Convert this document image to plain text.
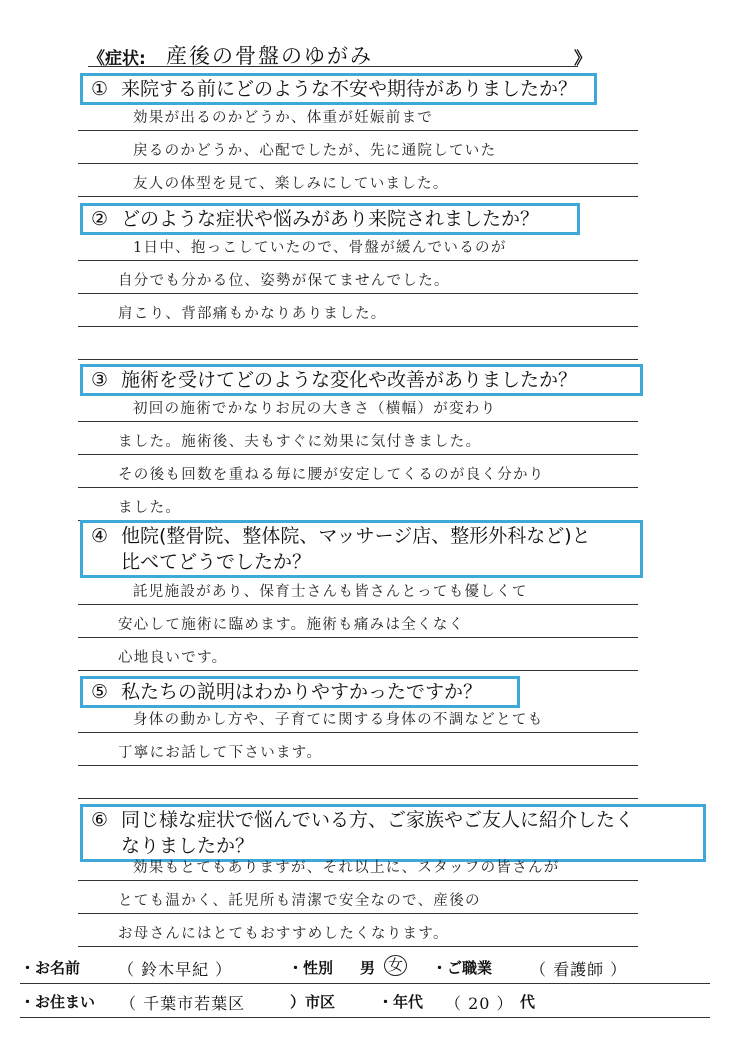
《症状: 産後の骨盤のゆがみ	》
① 来院する前にどのような不安や期待がありましたか？
効果が出るのかどうか、体重が妊娠前まで
戻るのかどうか、心配でしたが、先に通院していた
友人の体型を見て、楽しみにしていました。
② どのような症状や悩みがあり来院されましたか？
1日中、抱っこしていたので、骨盤が緩んでいるのが
自分でも分かる位、姿勢が保てませんでした。
肩こり、背部痛もかなりありました。
③ 施術を受けてどのような変化や改善がありましたか？
初回の施術でかなりお尻の大きさ（横幅）が変わり
ました。施術後、夫もすぐに効果に気付きました。
その後も回数を重ねる毎に腰が安定してくるのが良く分かり
ました。
④ 他院(整骨院、整体院、マッサージ店、整形外科など)と
比べてどうでしたか？
託児施設があり、保育士さんも皆さんとっても優しくて
安心して施術に臨めます。施術も痛みは全くなく
心地良いです。
⑤ 私たちの説明はわかりやすかったですか？
身体の動かし方や、子育てに関する身体の不調などとても
丁寧にお話して下さいます。
⑥ 同じ様な症状で悩んでいる方、ご家族やご友人に紹介したく
なりましたか？
効果もとてもありますが、それ以上に、スタッフの皆さんが
とても温かく、託児所も清潔で安全なので、産後の
お母さんにはとてもおすすめしたくなります。
・お名前 （ 鈴木早紀 ）	・性別 男 女 ・ご職業 （ 看護師 ）
・お住まい （ 千葉市若葉区	）市区	・年代 （ 20 ） 代
